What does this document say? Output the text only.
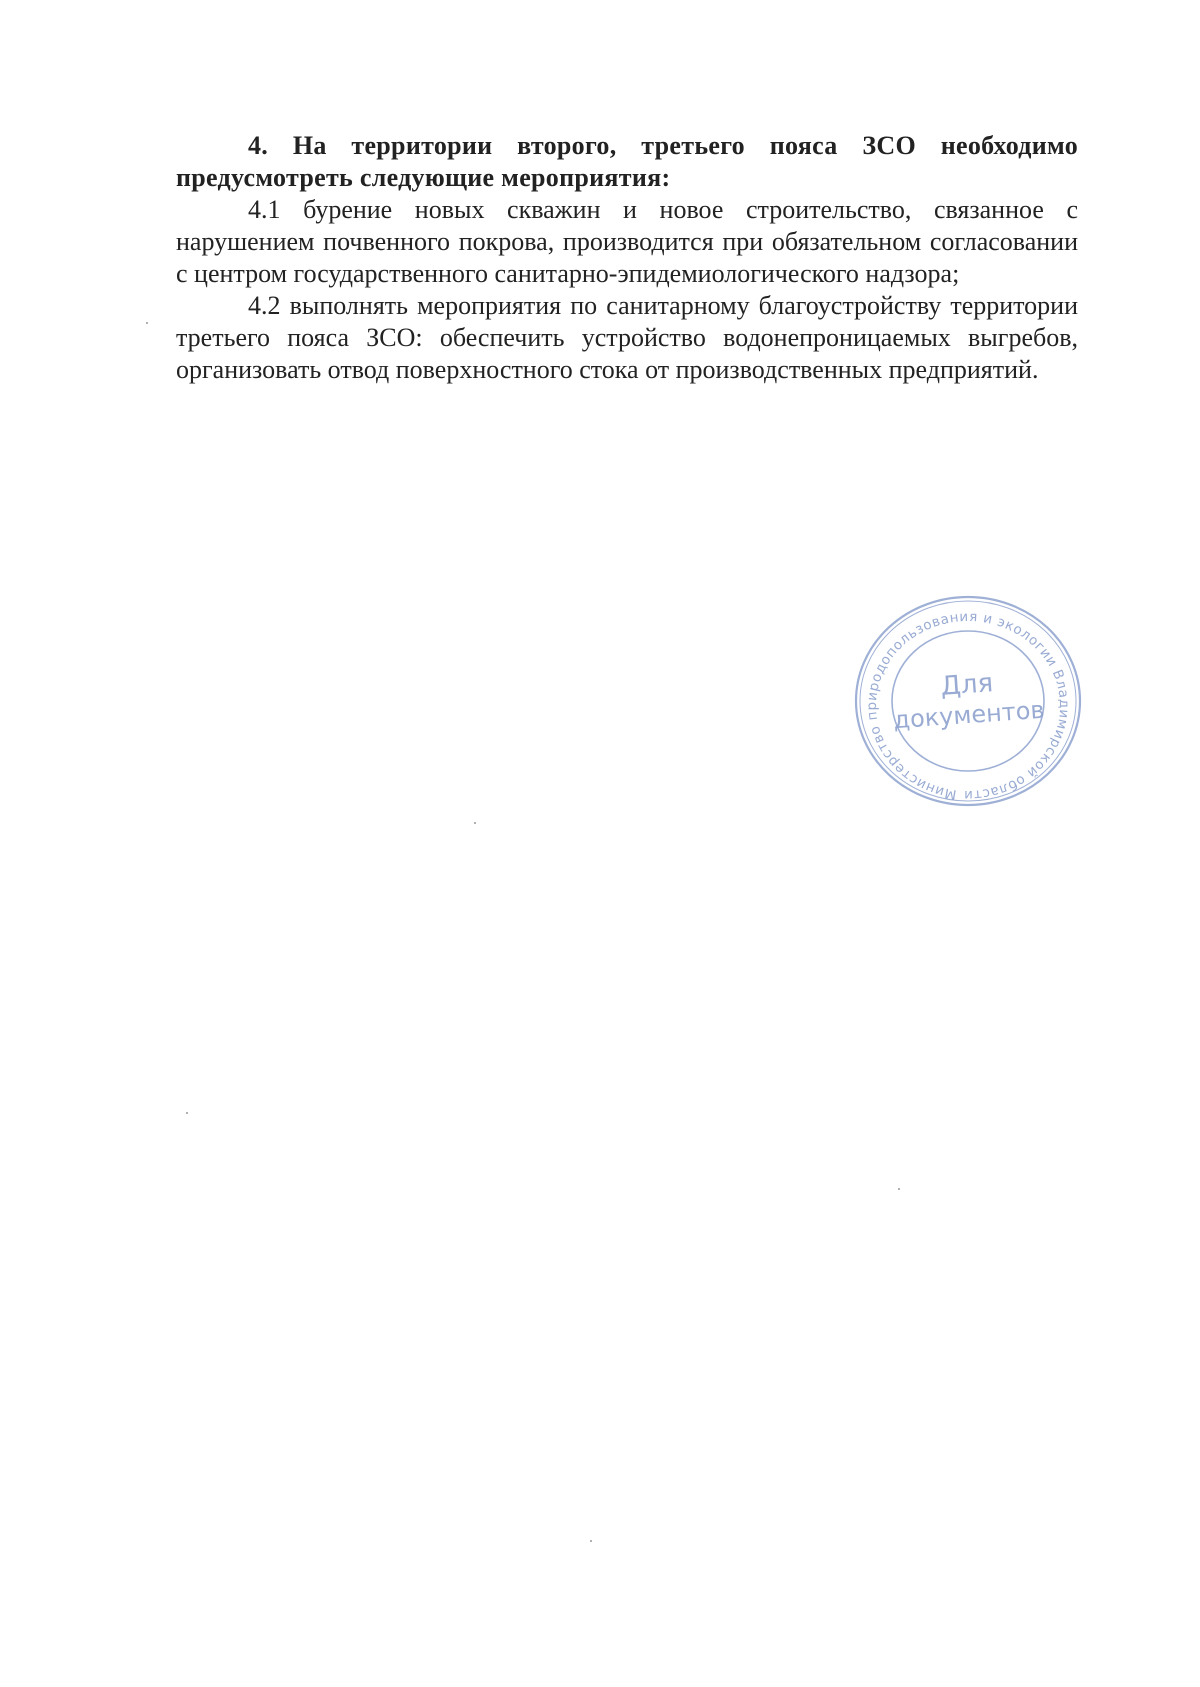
4. На территории второго, третьего пояса ЗСО необходимо предусмотреть следующие мероприятия:

4.1 бурение новых скважин и новое строительство, связанное с нарушением почвенного покрова, производится при обязательном согласовании с центром государственного санитарно-эпидемиологического надзора;

4.2 выполнять мероприятия по санитарному благоустройству территории третьего пояса ЗСО: обеспечить устройство водонепроницаемых выгребов, организовать отвод поверхностного стока от производственных предприятий.

Министерство природопользования и экологии Владимирской области
Для
документов
